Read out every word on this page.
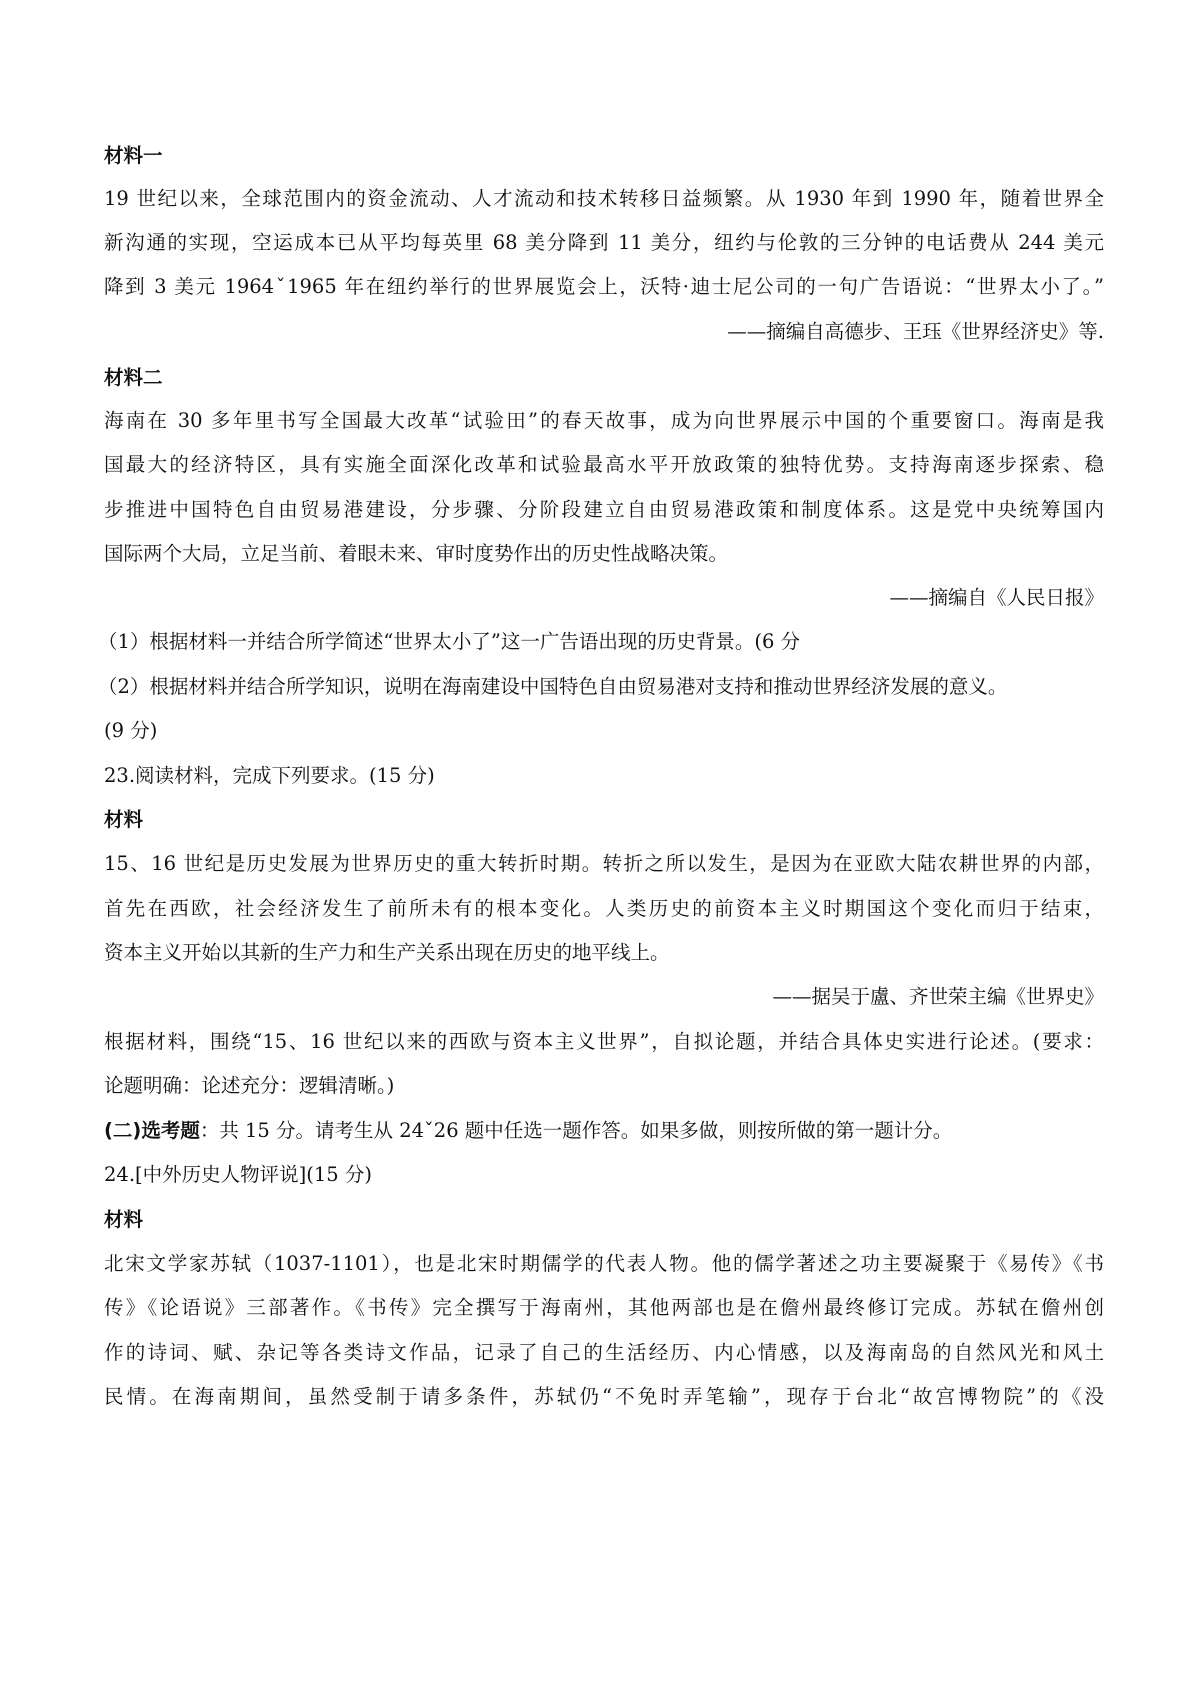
材料一
19 世纪以来，全球范围内的资金流动、人才流动和技术转移日益频繁。从 1930 年到 1990 年，随着世界全
新沟通的实现，空运成本已从平均每英里 68 美分降到 11 美分，纽约与伦敦的三分钟的电话费从 244 美元
降到 3 美元 1964ˇ1965 年在纽约举行的世界展览会上，沃特·迪士尼公司的一句广告语说：“世界太小了。”
——摘编自高德步、王珏《世界经济史》等.
材料二
海南在 30 多年里书写全国最大改革“试验田”的春天故事，成为向世界展示中国的个重要窗口。海南是我
国最大的经济特区，具有实施全面深化改革和试验最高水平开放政策的独特优势。支持海南逐步探索、稳
步推进中国特色自由贸易港建设，分步骤、分阶段建立自由贸易港政策和制度体系。这是党中央统筹国内
国际两个大局，立足当前、着眼未来、审时度势作出的历史性战略决策。
——摘编自《人民日报》
（1）根据材料一并结合所学简述“世界太小了”这一广告语出现的历史背景。(6 分
（2）根据材料并结合所学知识，说明在海南建设中国特色自由贸易港对支持和推动世界经济发展的意义。
(9 分)
23.阅读材料，完成下列要求。(15 分)
材料
15、16 世纪是历史发展为世界历史的重大转折时期。转折之所以发生，是因为在亚欧大陆农耕世界的内部，
首先在西欧，社会经济发生了前所未有的根本变化。人类历史的前资本主义时期国这个变化而归于结束，
资本主义开始以其新的生产力和生产关系出现在历史的地平线上。
——据吴于盧、齐世荣主编《世界史》
根据材料，围绕“15、16 世纪以来的西欧与资本主义世界”，自拟论题，并结合具体史实进行论述。(要求：
论题明确：论述充分：逻辑清晰。)
(二)选考题：共 15 分。请考生从 24ˇ26 题中任选一题作答。如果多做，则按所做的第一题计分。
24.[中外历史人物评说](15 分)
材料
北宋文学家苏轼（1037-1101），也是北宋时期儒学的代表人物。他的儒学著述之功主要凝聚于《易传》《书
传》《论语说》三部著作。《书传》完全撰写于海南州，其他两部也是在儋州最终修订完成。苏轼在儋州创
作的诗词、赋、杂记等各类诗文作品，记录了自己的生活经历、内心情感，以及海南岛的自然风光和风土
民情。在海南期间，虽然受制于请多条件，苏轼仍“不免时弄笔输”，现存于台北“故宫博物院”的《没
